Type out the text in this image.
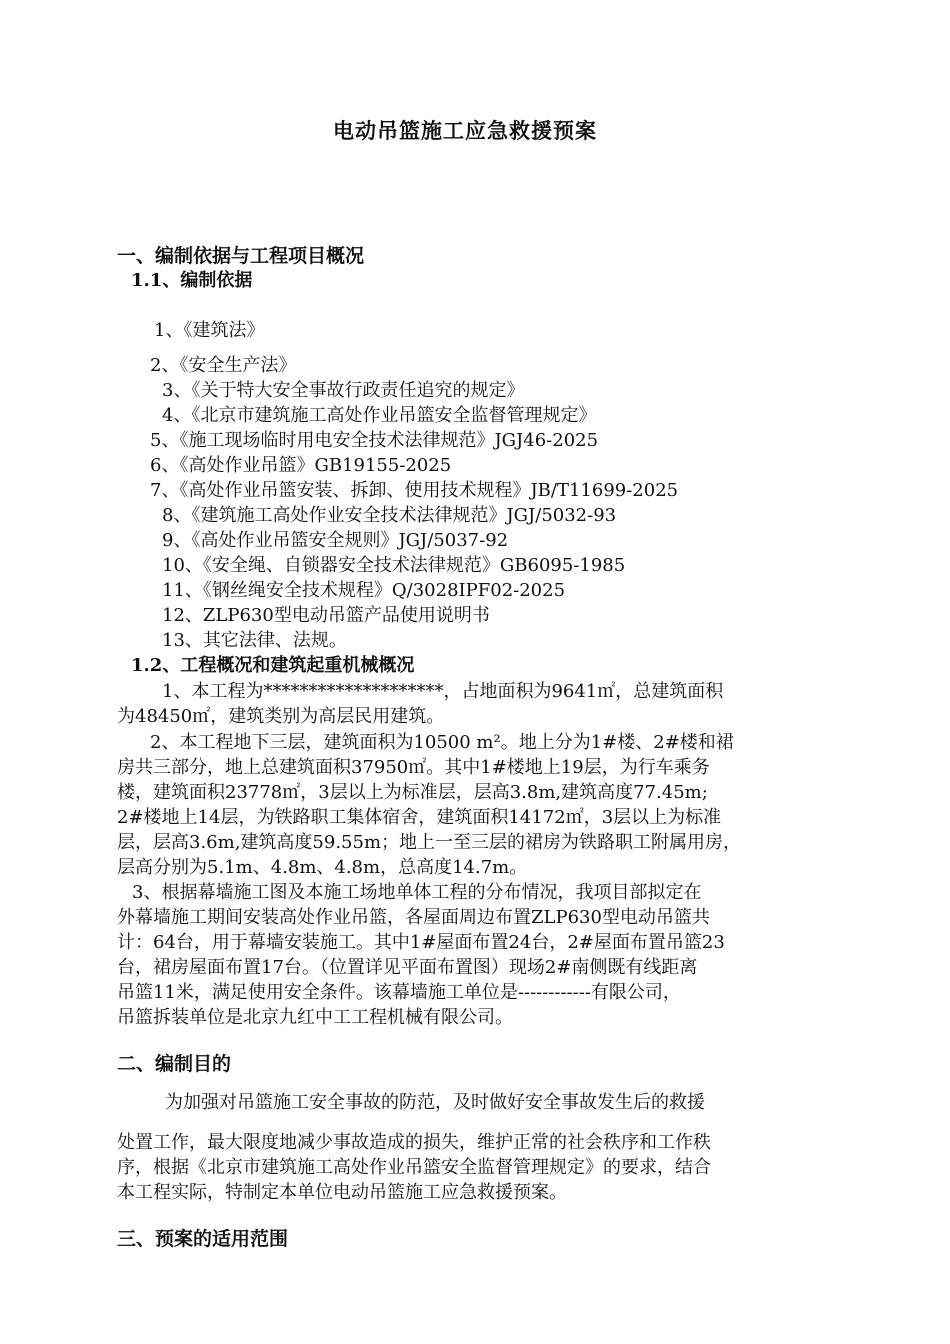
电动吊篮施工应急救援预案
一、编制依据与工程项目概况
1.1、编制依据
1、《建筑法》
2、《安全生产法》
3、《关于特大安全事故行政责任追究的规定》
4、《北京市建筑施工高处作业吊篮安全监督管理规定》
5、《施工现场临时用电安全技术法律规范》JGJ46-2025
6、《高处作业吊篮》GB19155-2025
7、《高处作业吊篮安装、拆卸、使用技术规程》JB/T11699-2025
8、《建筑施工高处作业安全技术法律规范》JGJ/5032-93
9、《高处作业吊篮安全规则》JGJ/5037-92
10、《安全绳、自锁器安全技术法律规范》GB6095-1985
11、《钢丝绳安全技术规程》Q/3028IPF02-2025
12、ZLP630型电动吊篮产品使用说明书
13、其它法律、法规。
1.2、工程概况和建筑起重机械概况
1、本工程为********************，占地面积为9641㎡，总建筑面积
为48450㎡，建筑类别为高层民用建筑。
2、本工程地下三层，建筑面积为10500 m²。地上分为1#楼、2#楼和裙
房共三部分，地上总建筑面积37950㎡。其中1#楼地上19层，为行车乘务
楼，建筑面积23778㎡，3层以上为标准层，层高3.8m,建筑高度77.45m;
2#楼地上14层，为铁路职工集体宿舍，建筑面积14172㎡，3层以上为标准
层，层高3.6m,建筑高度59.55m；地上一至三层的裙房为铁路职工附属用房，
层高分别为5.1m、4.8m、4.8m，总高度14.7m。
3、根据幕墙施工图及本施工场地单体工程的分布情况，我项目部拟定在
外幕墙施工期间安装高处作业吊篮，各屋面周边布置ZLP630型电动吊篮共
计：64台，用于幕墙安装施工。其中1#屋面布置24台，2#屋面布置吊篮23
台，裙房屋面布置17台。（位置详见平面布置图）现场2#南侧既有线距离
吊篮11米，满足使用安全条件。该幕墙施工单位是------------有限公司，
吊篮拆装单位是北京九红中工工程机械有限公司。
二、编制目的
为加强对吊篮施工安全事故的防范，及时做好安全事故发生后的救援
处置工作，最大限度地减少事故造成的损失，维护正常的社会秩序和工作秩
序，根据《北京市建筑施工高处作业吊篮安全监督管理规定》的要求，结合
本工程实际，特制定本单位电动吊篮施工应急救援预案。
三、预案的适用范围
